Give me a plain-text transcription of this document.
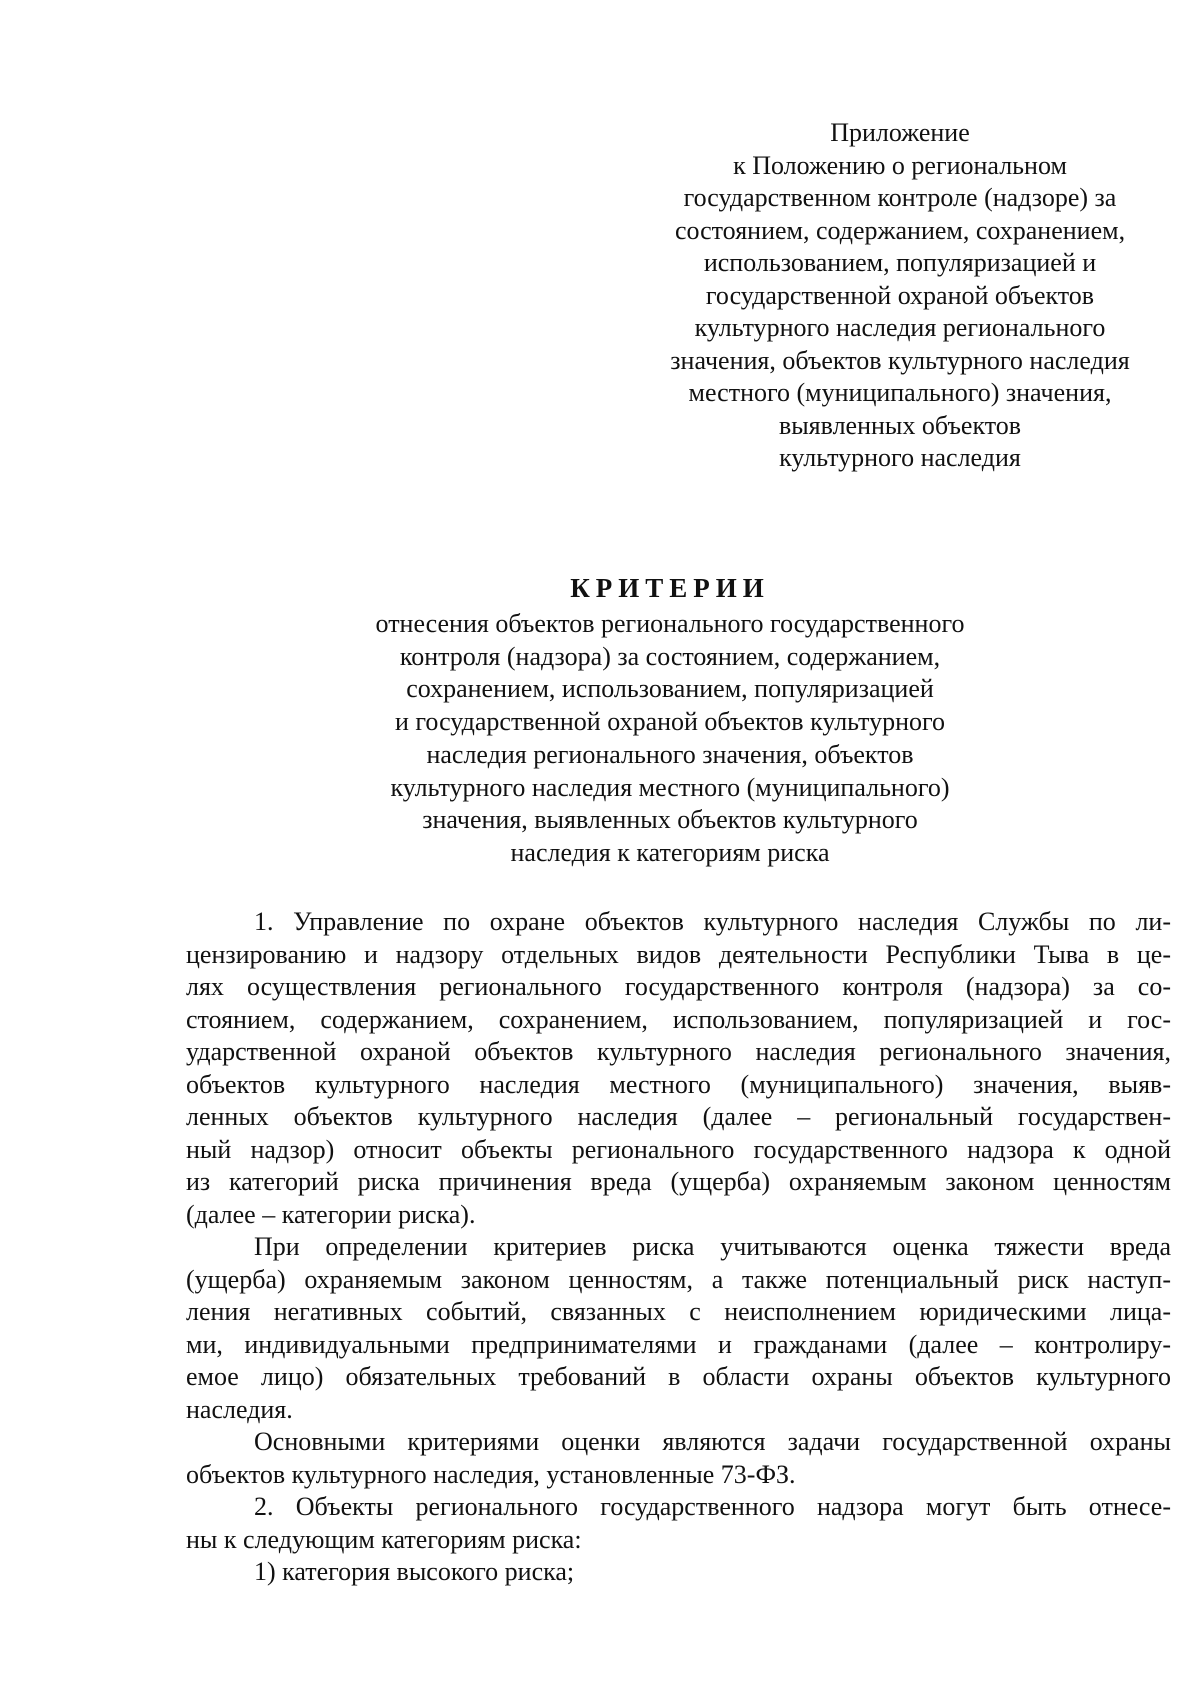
Приложение
к Положению о региональном
государственном контроле (надзоре) за
состоянием, содержанием, сохранением,
использованием, популяризацией и
государственной охраной объектов
культурного наследия регионального
значения, объектов культурного наследия
местного (муниципального) значения,
выявленных объектов
культурного наследия
КРИТЕРИИ
отнесения объектов регионального государственного
контроля (надзора) за состоянием, содержанием,
сохранением, использованием, популяризацией
и государственной охраной объектов культурного
наследия регионального значения, объектов
культурного наследия местного (муниципального)
значения, выявленных объектов культурного
наследия к категориям риска
1. Управление по охране объектов культурного наследия Службы по ли-
цензированию и надзору отдельных видов деятельности Республики Тыва в це-
лях осуществления регионального государственного контроля (надзора) за со-
стоянием, содержанием, сохранением, использованием, популяризацией и гос-
ударственной охраной объектов культурного наследия регионального значения,
объектов культурного наследия местного (муниципального) значения, выяв-
ленных объектов культурного наследия (далее – региональный государствен-
ный надзор) относит объекты регионального государственного надзора к одной
из категорий риска причинения вреда (ущерба) охраняемым законом ценностям
(далее – категории риска).
При определении критериев риска учитываются оценка тяжести вреда
(ущерба) охраняемым законом ценностям, а также потенциальный риск наступ-
ления негативных событий, связанных с неисполнением юридическими лица-
ми, индивидуальными предпринимателями и гражданами (далее – контролиру-
емое лицо) обязательных требований в области охраны объектов культурного
наследия.
Основными критериями оценки являются задачи государственной охраны
объектов культурного наследия, установленные 73-ФЗ.
2. Объекты регионального государственного надзора могут быть отнесе-
ны к следующим категориям риска:
1) категория высокого риска;
